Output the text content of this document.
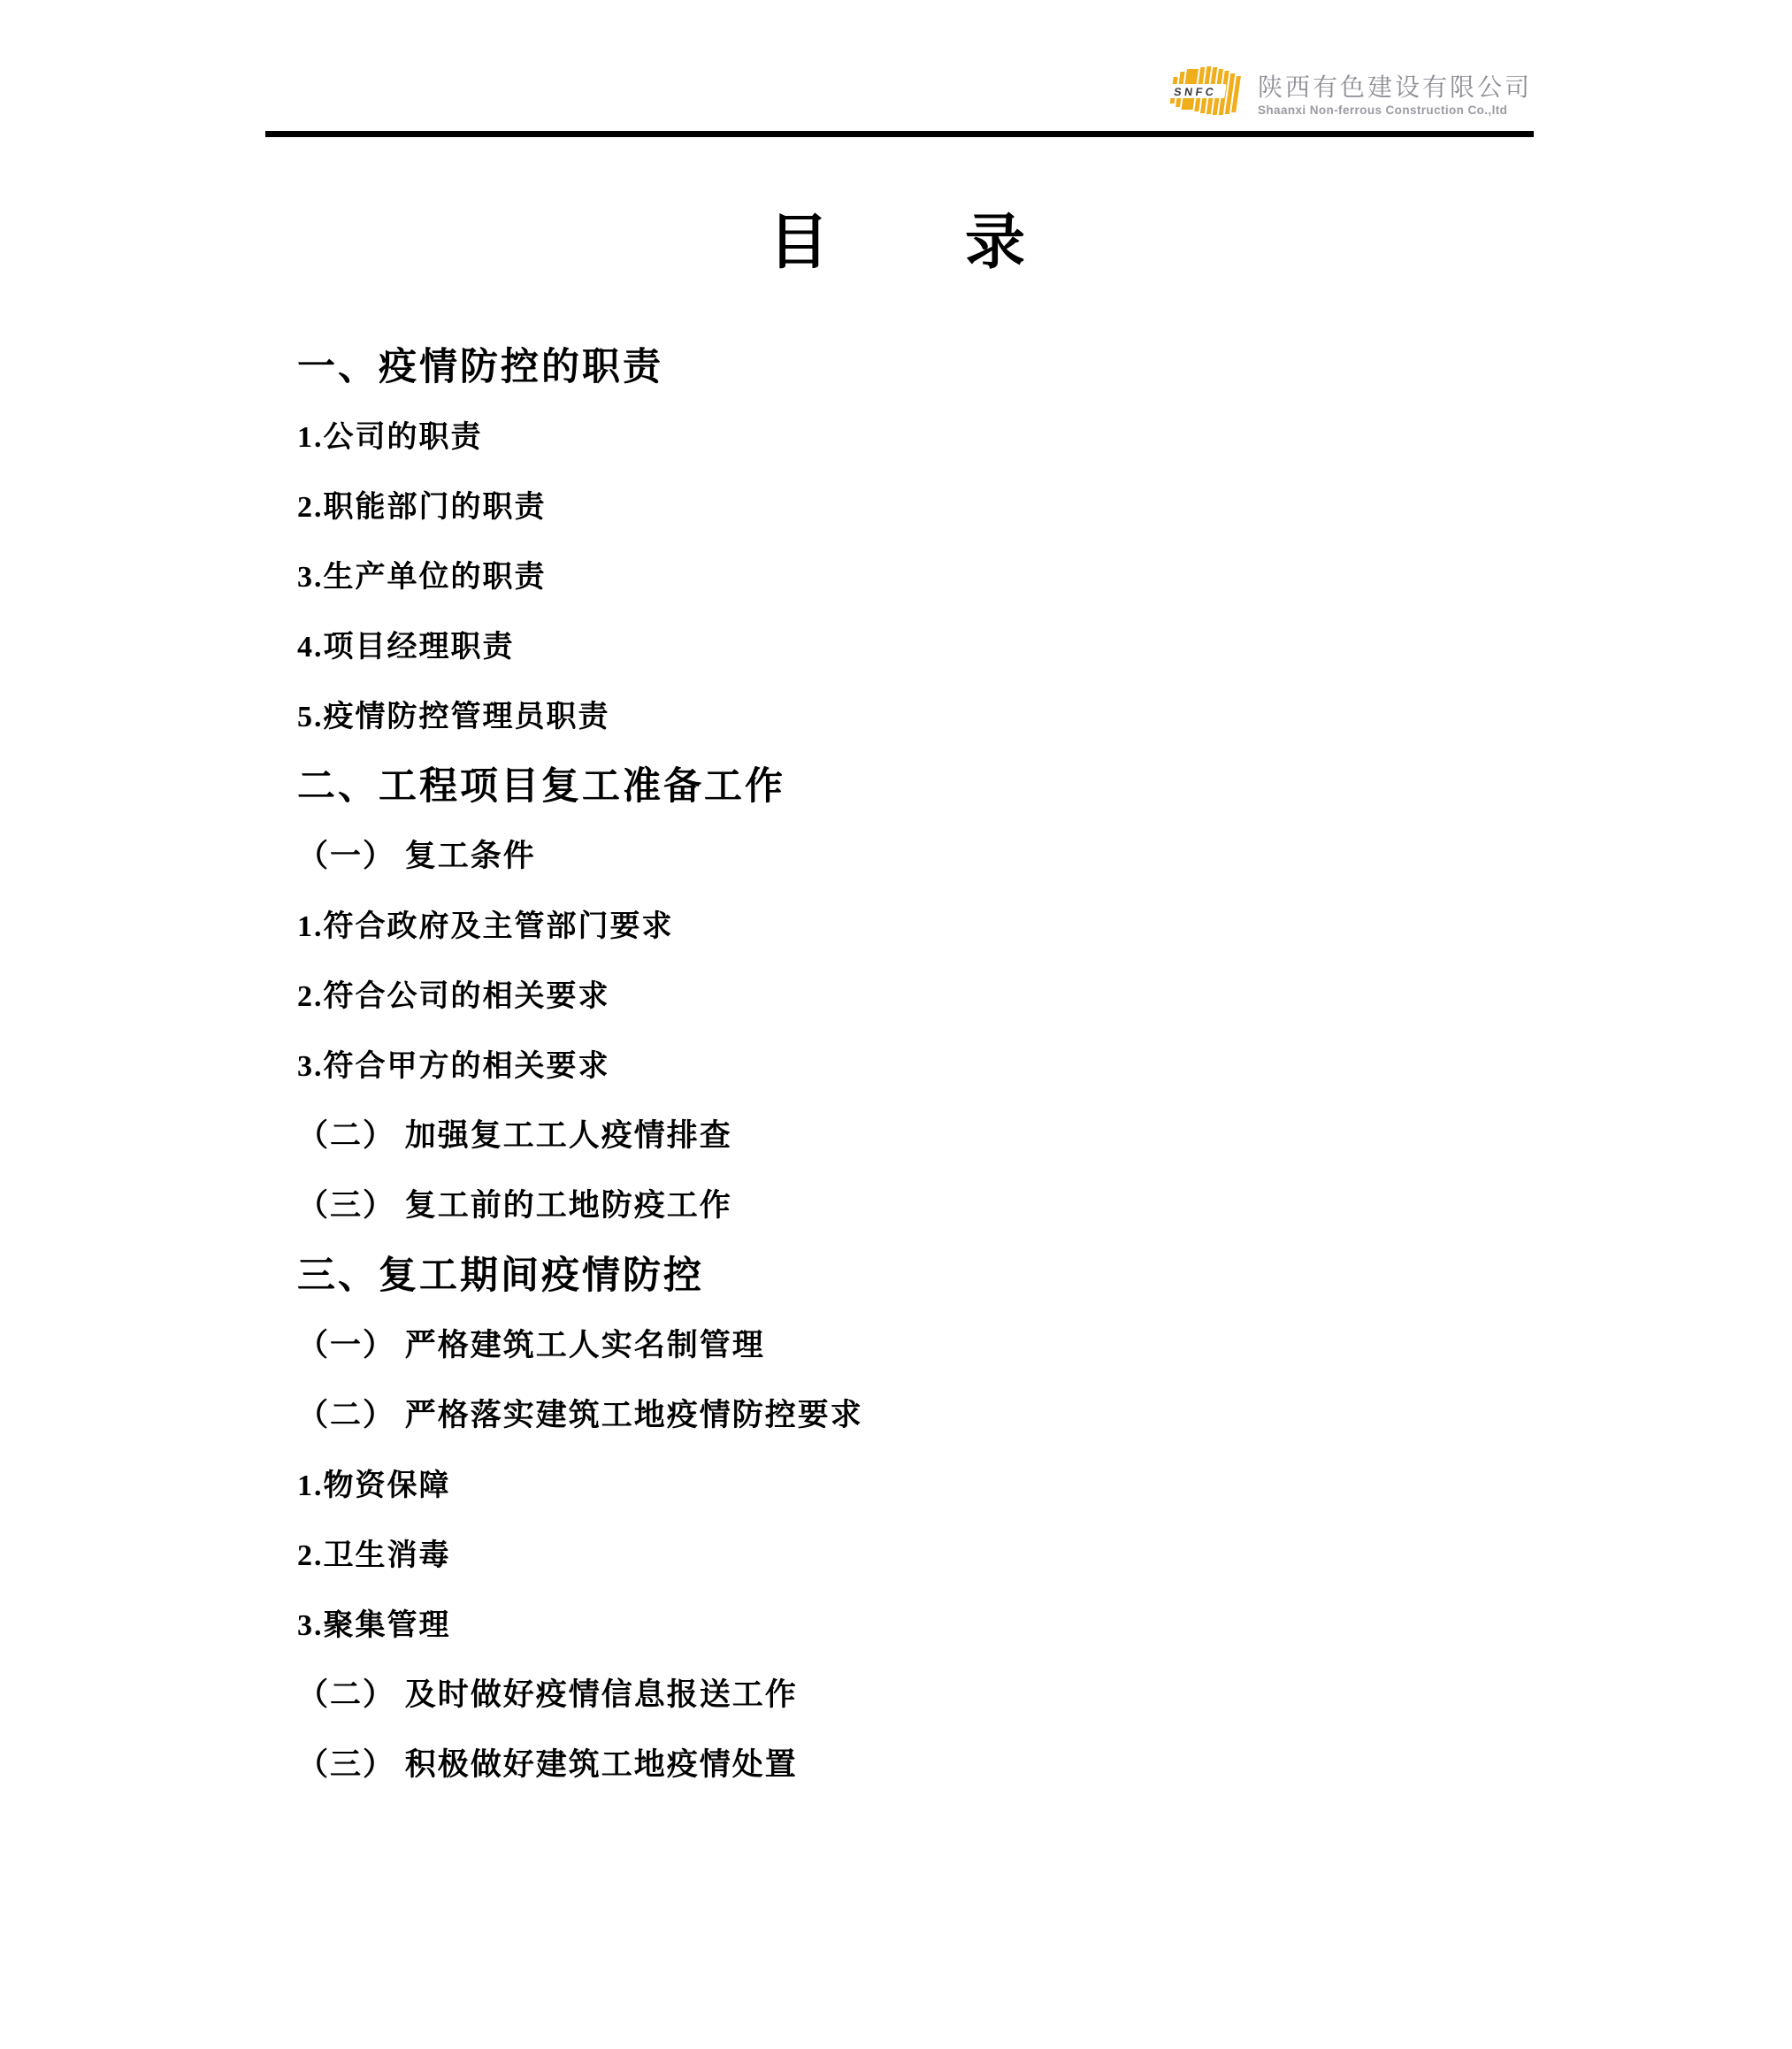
SNFC 陕西有色建设有限公司
Shaanxi Non-ferrous Construction Co.,ltd
目　　录
一、疫情防控的职责
1.公司的职责
2.职能部门的职责
3.生产单位的职责
4.项目经理职责
5.疫情防控管理员职责
二、工程项目复工准备工作
（一） 复工条件
1.符合政府及主管部门要求
2.符合公司的相关要求
3.符合甲方的相关要求
（二） 加强复工工人疫情排查
（三） 复工前的工地防疫工作
三、复工期间疫情防控
（一） 严格建筑工人实名制管理
（二） 严格落实建筑工地疫情防控要求
1.物资保障
2.卫生消毒
3.聚集管理
（二） 及时做好疫情信息报送工作
（三） 积极做好建筑工地疫情处置
